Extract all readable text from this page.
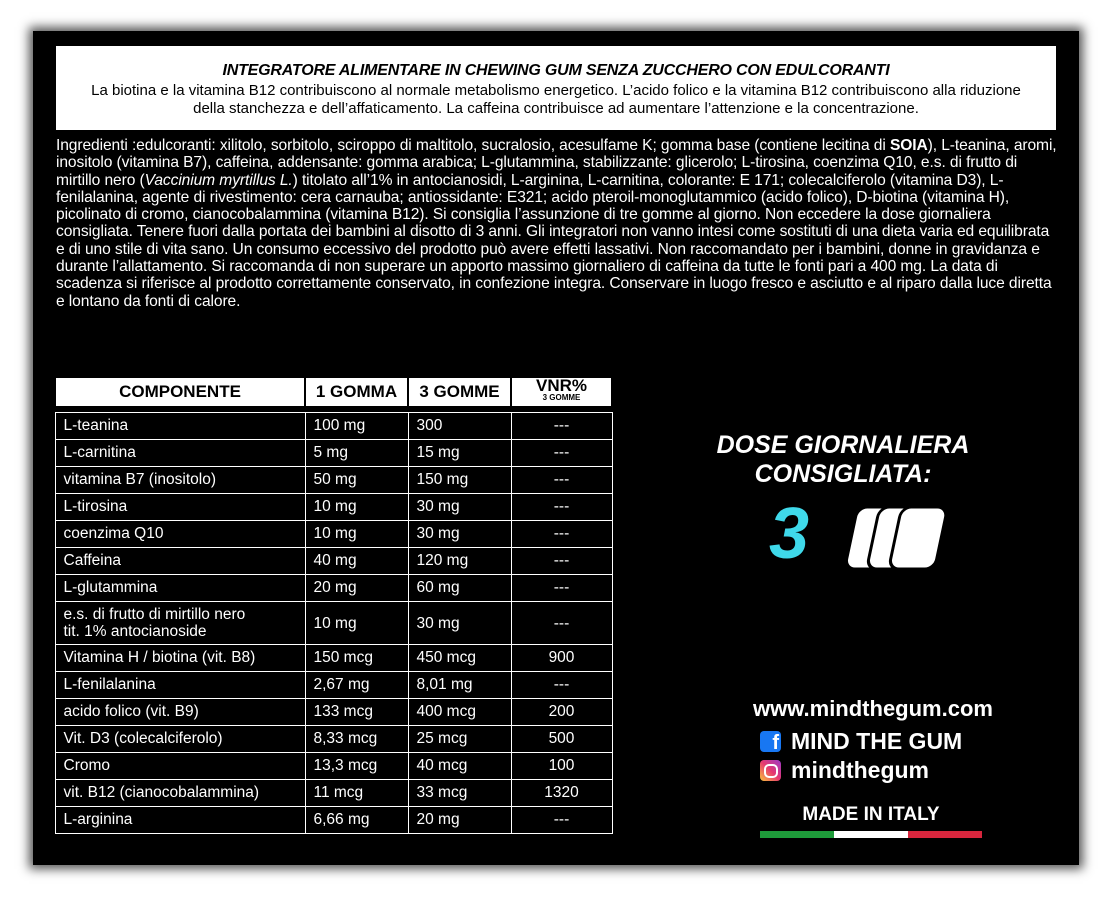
INTEGRATORE ALIMENTARE IN CHEWING GUM SENZA ZUCCHERO CON EDULCORANTI
La biotina e la vitamina B12 contribuiscono al normale metabolismo energetico. L’acido folico e la vitamina B12 contribuiscono alla riduzione della stanchezza e dell’affaticamento. La caffeina contribuisce ad aumentare l’attenzione e la concentrazione.
Ingredienti :edulcoranti: xilitolo, sorbitolo, sciroppo di maltitolo, sucralosio, acesulfame K; gomma base (contiene lecitina di SOIA), L-teanina, aromi, inositolo (vitamina B7), caffeina, addensante: gomma arabica; L-glutammina, stabilizzante: glicerolo; L-tirosina, coenzima Q10, e.s. di frutto di mirtillo nero (Vaccinium myrtillus L.) titolato all’1% in antocianosidi, L-arginina, L-carnitina, colorante: E 171; colecalciferolo (vitamina D3), L-fenilalanina, agente di rivestimento: cera carnauba; antiossidante: E321; acido pteroil-monoglutammico (acido folico), D-biotina (vitamina H), picolinato di cromo, cianocobalammina (vitamina B12). Si consiglia l’assunzione di tre gomme al giorno. Non eccedere la dose giornaliera consigliata. Tenere fuori dalla portata dei bambini al disotto di 3 anni. Gli integratori non vanno intesi come sostituti di una dieta varia ed equilibrata e di uno stile di vita sano. Un consumo eccessivo del prodotto può avere effetti lassativi. Non raccomandato per i bambini, donne in gravidanza e durante l’allattamento. Si raccomanda di non superare un apporto massimo giornaliero di caffeina da tutte le fonti pari a 400 mg. La data di scadenza si riferisce al prodotto correttamente conservato, in confezione integra. Conservare in luogo fresco e asciutto e al riparo dalla luce diretta e lontano da fonti di calore.
COMPONENTE	1 GOMMA	3 GOMME	VNR%
3 GOMME

L-teanina	100 mg	300	---
L-carnitina	5 mg	15 mg	---
vitamina B7 (inositolo)	50 mg	150 mg	---
L-tirosina	10 mg	30 mg	---
coenzima Q10	10 mg	30 mg	---
Caffeina	40 mg	120 mg	---
L-glutammina	20 mg	60 mg	---
e.s. di frutto di mirtillo nero
tit. 1% antocianoside	10 mg	30 mg	---
Vitamina H / biotina (vit. B8)	150 mcg	450 mcg	900
L-fenilalanina	2,67 mg	8,01 mg	---
acido folico (vit. B9)	133 mcg	400 mcg	200
Vit. D3 (colecalciferolo)	8,33 mcg	25 mcg	500
Cromo	13,3 mcg	40 mcg	100
vit. B12 (cianocobalammina)	11 mcg	33 mcg	1320
L-arginina	6,66 mg	20 mg	---
DOSE GIORNALIERA CONSIGLIATA:
3
www.mindthegum.com
f MIND THE GUM
mindthegum
MADE IN ITALY
